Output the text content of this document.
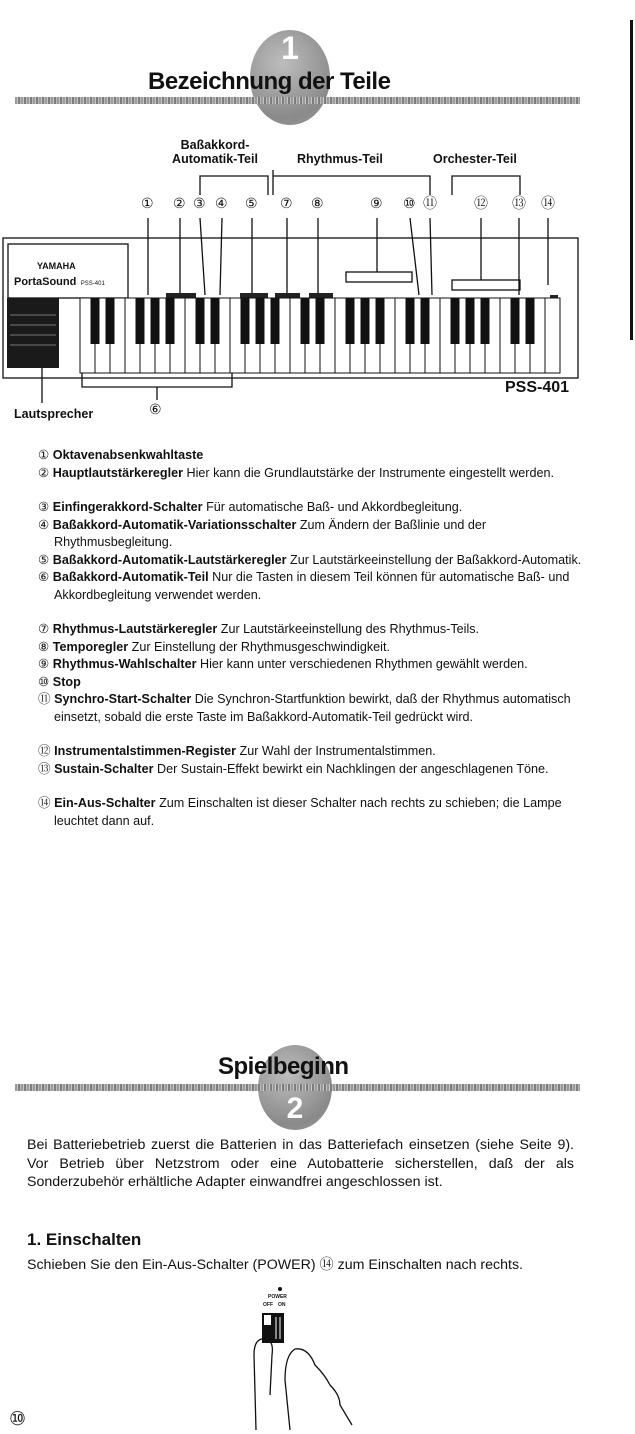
1
Bezeichnung der Teile
Baßakkord-
Automatik-Teil	Rhythmus-Teil	Orchester-Teil
YAMAHA
PortaSound PSS-401
① ② ③ ④ ⑤ ⑦ ⑧	⑨ ⑩ ⑪	⑫ ⑬ ⑭
⑥
PSS-401
Lautsprecher
① Oktavenabsenkwahltaste
② Hauptlautstärkeregler Hier kann die Grundlautstärke der Instrumente eingestellt werden.
③ Einfingerakkord-Schalter Für automatische Baß- und Akkordbegleitung.
④ Baßakkord-Automatik-Variationsschalter Zum Ändern der Baßlinie und der Rhythmusbegleitung.
⑤ Baßakkord-Automatik-Lautstärkeregler Zur Lautstärkeeinstellung der Baßakkord-Automatik.
⑥ Baßakkord-Automatik-Teil Nur die Tasten in diesem Teil können für automatische Baß- und Akkordbegleitung verwendet werden.
⑦ Rhythmus-Lautstärkeregler Zur Lautstärkeeinstellung des Rhythmus-Teils.
⑧ Temporegler Zur Einstellung der Rhythmusgeschwindigkeit.
⑨ Rhythmus-Wahlschalter Hier kann unter verschiedenen Rhythmen gewählt werden.
⑩ Stop
⑪ Synchro-Start-Schalter Die Synchron-Startfunktion bewirkt, daß der Rhythmus automatisch einsetzt, sobald die erste Taste im Baßakkord-Automatik-Teil gedrückt wird.
⑫ Instrumentalstimmen-Register Zur Wahl der Instrumentalstimmen.
⑬ Sustain-Schalter Der Sustain-Effekt bewirkt ein Nachklingen der angeschlagenen Töne.
⑭ Ein-Aus-Schalter Zum Einschalten ist dieser Schalter nach rechts zu schieben; die Lampe leuchtet dann auf.
2
Spielbeginn
Bei Batteriebetrieb zuerst die Batterien in das Batteriefach einsetzen (siehe Seite 9). Vor Betrieb über Netzstrom oder eine Autobatterie sicherstellen, daß der als Sonderzubehör erhältliche Adapter einwandfrei angeschlossen ist.
1. Einschalten
Schieben Sie den Ein-Aus-Schalter (POWER) ⑭ zum Einschalten nach rechts.
POWER
OFF ON
⑩
